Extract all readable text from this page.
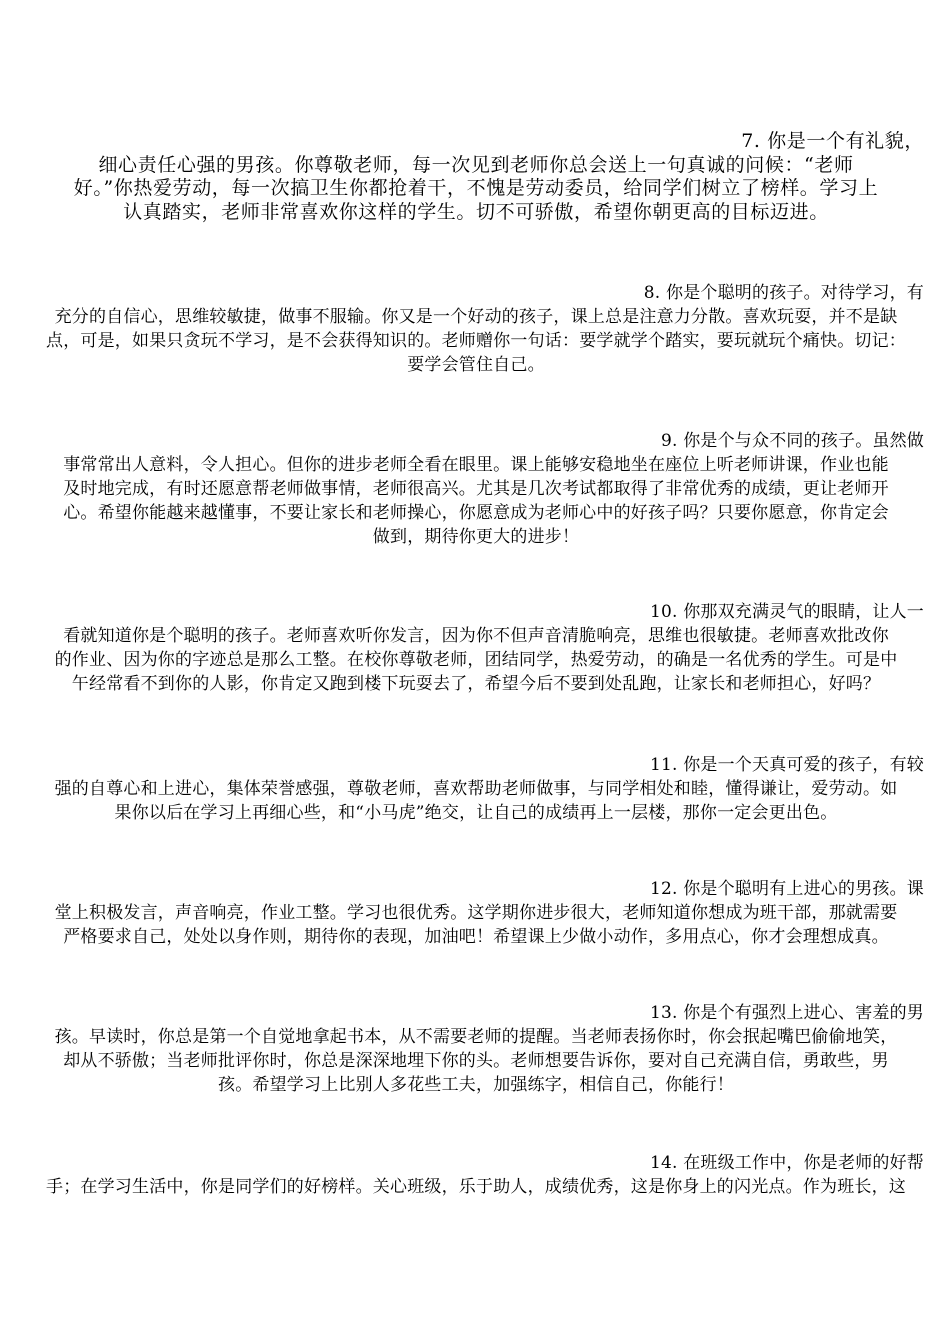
7. 你是一个有礼貌，
细心责任心强的男孩。你尊敬老师，每一次见到老师你总会送上一句真诚的问候：“老师
好。”你热爱劳动，每一次搞卫生你都抢着干，不愧是劳动委员，给同学们树立了榜样。学习上
认真踏实，老师非常喜欢你这样的学生。切不可骄傲，希望你朝更高的目标迈进。
8. 你是个聪明的孩子。对待学习，有
充分的自信心，思维较敏捷，做事不服输。你又是一个好动的孩子，课上总是注意力分散。喜欢玩耍，并不是缺
点，可是，如果只贪玩不学习，是不会获得知识的。老师赠你一句话：要学就学个踏实，要玩就玩个痛快。切记：
要学会管住自己。
9. 你是个与众不同的孩子。虽然做
事常常出人意料，令人担心。但你的进步老师全看在眼里。课上能够安稳地坐在座位上听老师讲课，作业也能
及时地完成，有时还愿意帮老师做事情，老师很高兴。尤其是几次考试都取得了非常优秀的成绩，更让老师开
心。希望你能越来越懂事，不要让家长和老师操心，你愿意成为老师心中的好孩子吗？只要你愿意，你肯定会
做到，期待你更大的进步！
10. 你那双充满灵气的眼睛，让人一
看就知道你是个聪明的孩子。老师喜欢听你发言，因为你不但声音清脆响亮，思维也很敏捷。老师喜欢批改你
的作业、因为你的字迹总是那么工整。在校你尊敬老师，团结同学，热爱劳动，的确是一名优秀的学生。可是中
午经常看不到你的人影，你肯定又跑到楼下玩耍去了，希望今后不要到处乱跑，让家长和老师担心，好吗？
11. 你是一个天真可爱的孩子，有较
强的自尊心和上进心，集体荣誉感强，尊敬老师，喜欢帮助老师做事，与同学相处和睦，懂得谦让，爱劳动。如
果你以后在学习上再细心些，和“小马虎”绝交，让自己的成绩再上一层楼，那你一定会更出色。
12. 你是个聪明有上进心的男孩。课
堂上积极发言，声音响亮，作业工整。学习也很优秀。这学期你进步很大，老师知道你想成为班干部，那就需要
严格要求自己，处处以身作则，期待你的表现，加油吧！希望课上少做小动作，多用点心，你才会理想成真。
13. 你是个有强烈上进心、害羞的男
孩。早读时，你总是第一个自觉地拿起书本，从不需要老师的提醒。当老师表扬你时，你会抿起嘴巴偷偷地笑，
却从不骄傲；当老师批评你时，你总是深深地埋下你的头。老师想要告诉你，要对自己充满自信，勇敢些，男
孩。希望学习上比别人多花些工夫，加强练字，相信自己，你能行！
14. 在班级工作中，你是老师的好帮
手；在学习生活中，你是同学们的好榜样。关心班级，乐于助人，成绩优秀，这是你身上的闪光点。作为班长，这
